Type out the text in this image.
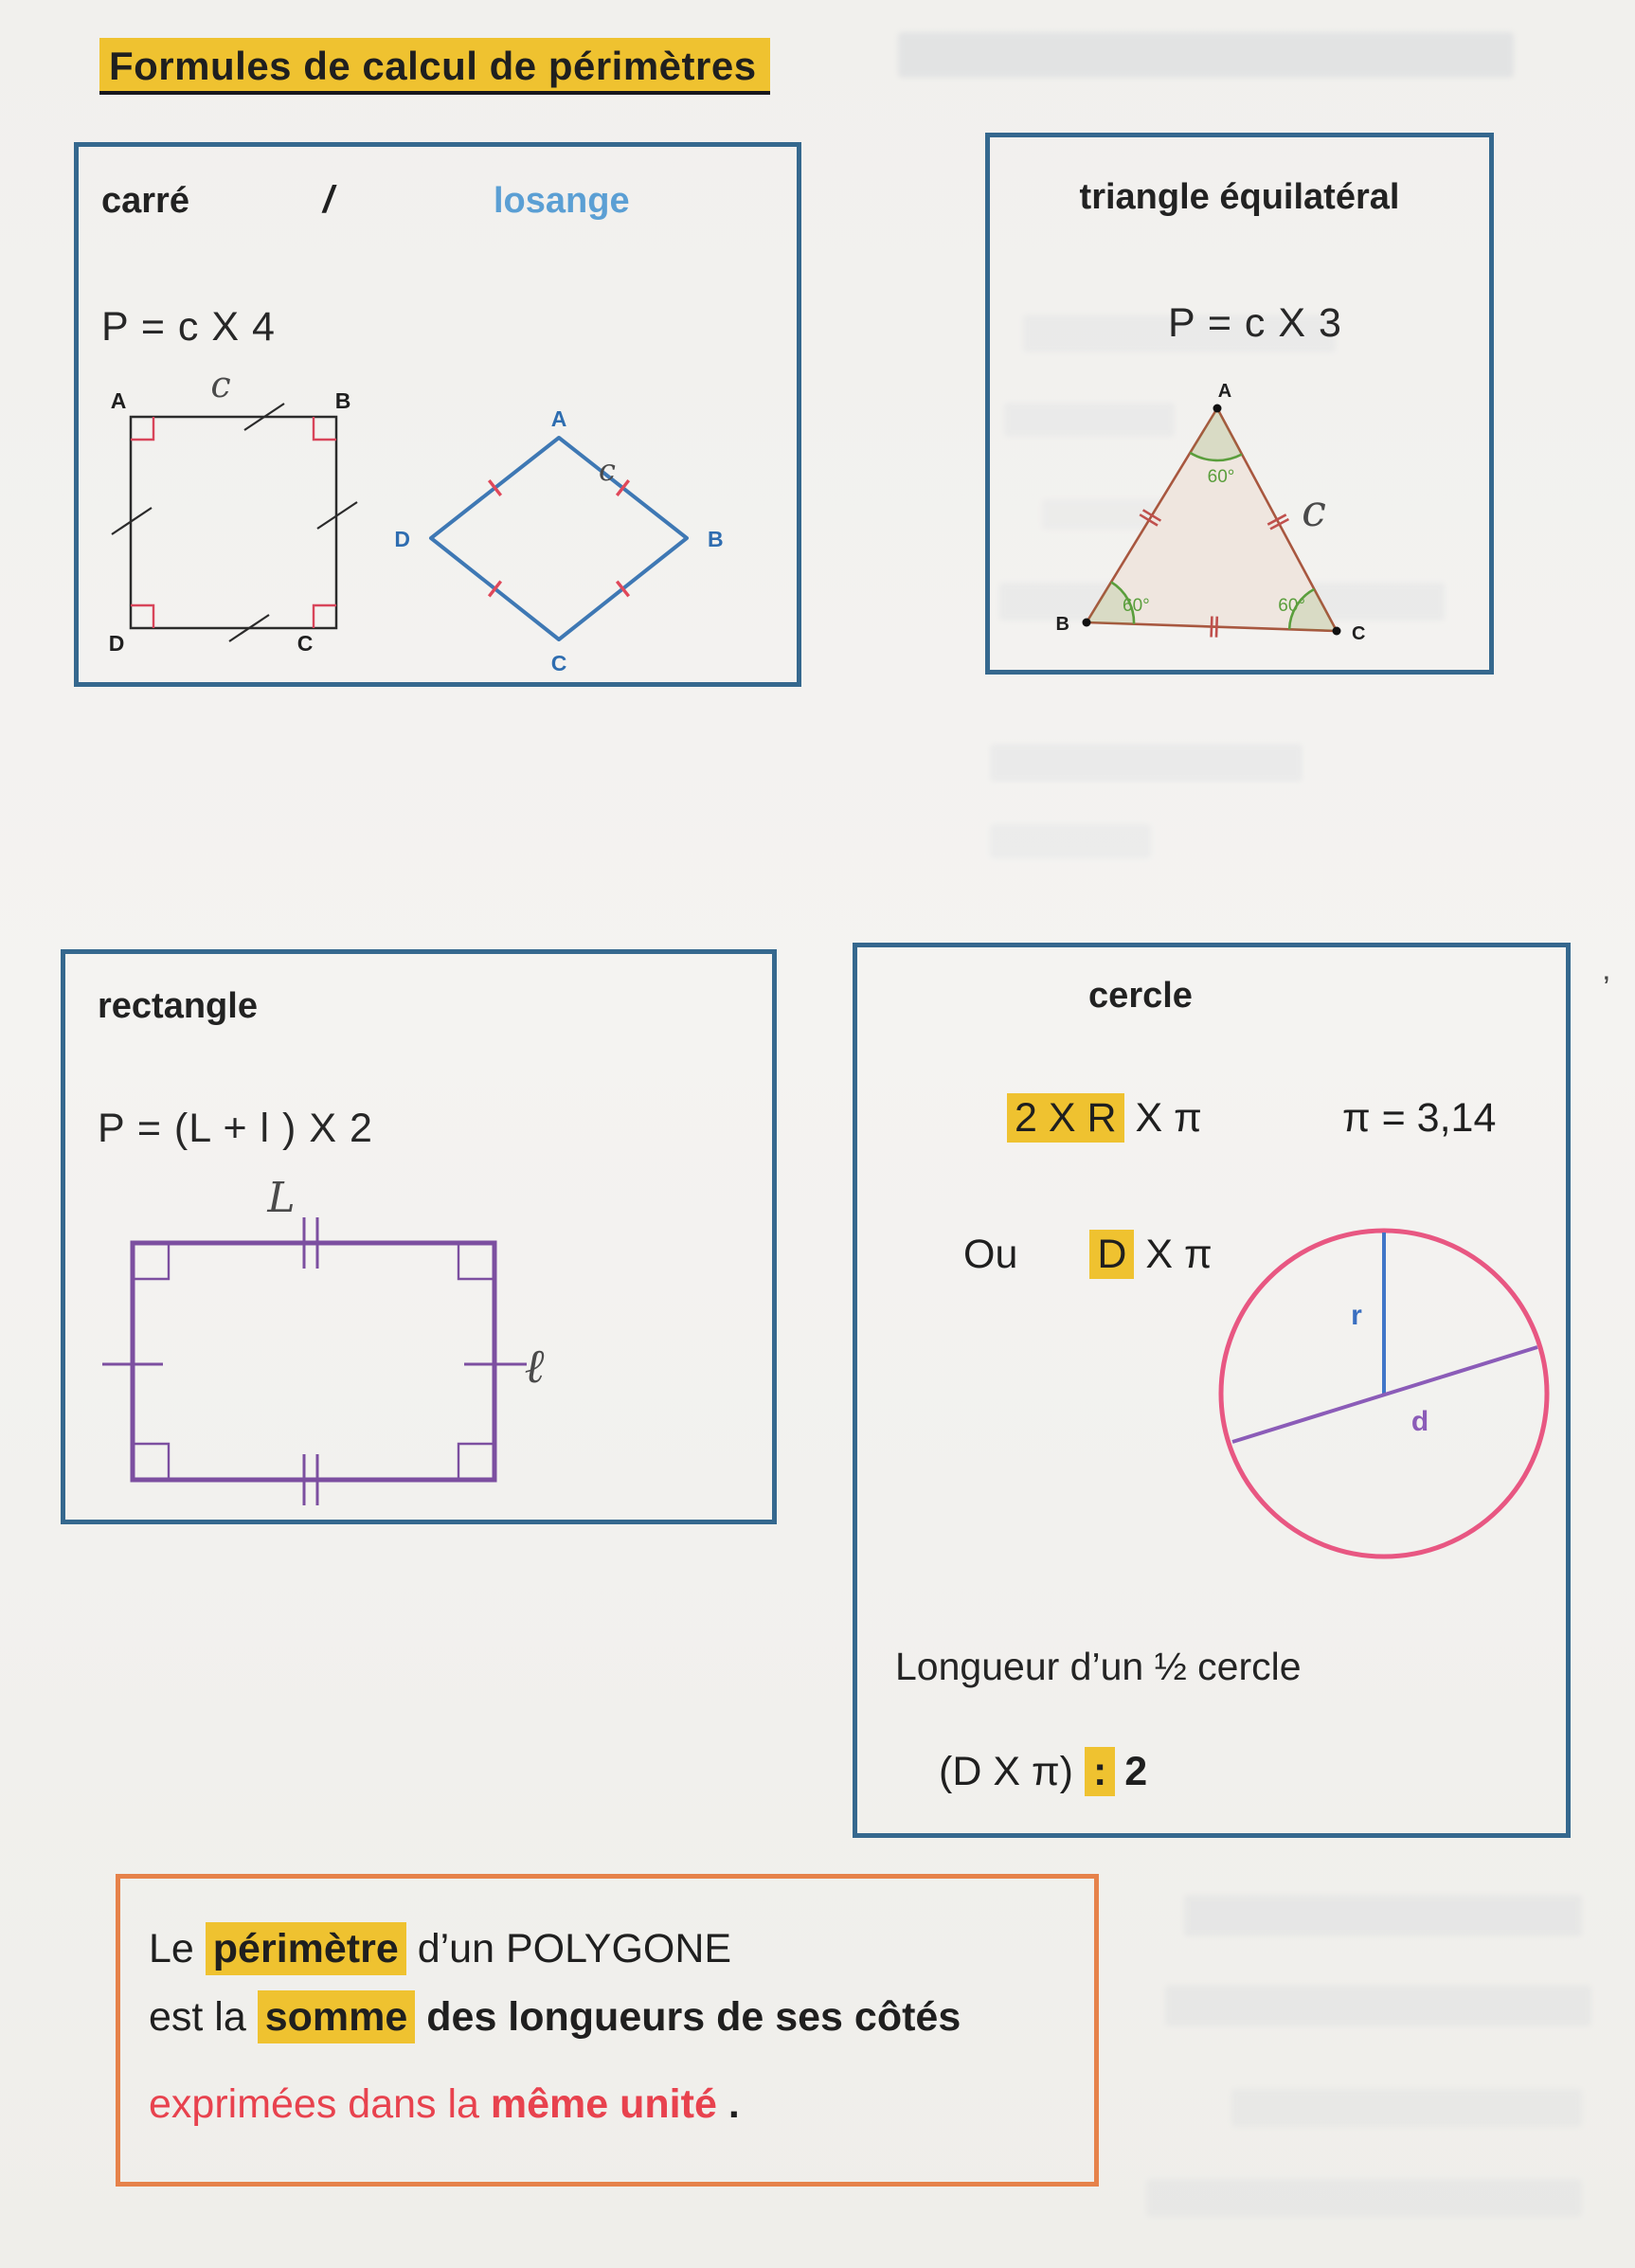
’
Formules de calcul de périmètres
carré	/	losange
P = c X 4
A	B
D	C
c
A
B
C
D
c
triangle équilatéral
P = c X 3
A
B	C
60°
60°	60°
c
rectangle
P = (L + l ) X 2
L
ℓ
cercle
2 X R X π	π = 3,14
Ou D X π
r
d
Longueur d’un ½ cercle
(D X π) : 2
Le périmètre d’un POLYGONE
est la somme des longueurs de ses côtés
exprimées dans la même unité .
